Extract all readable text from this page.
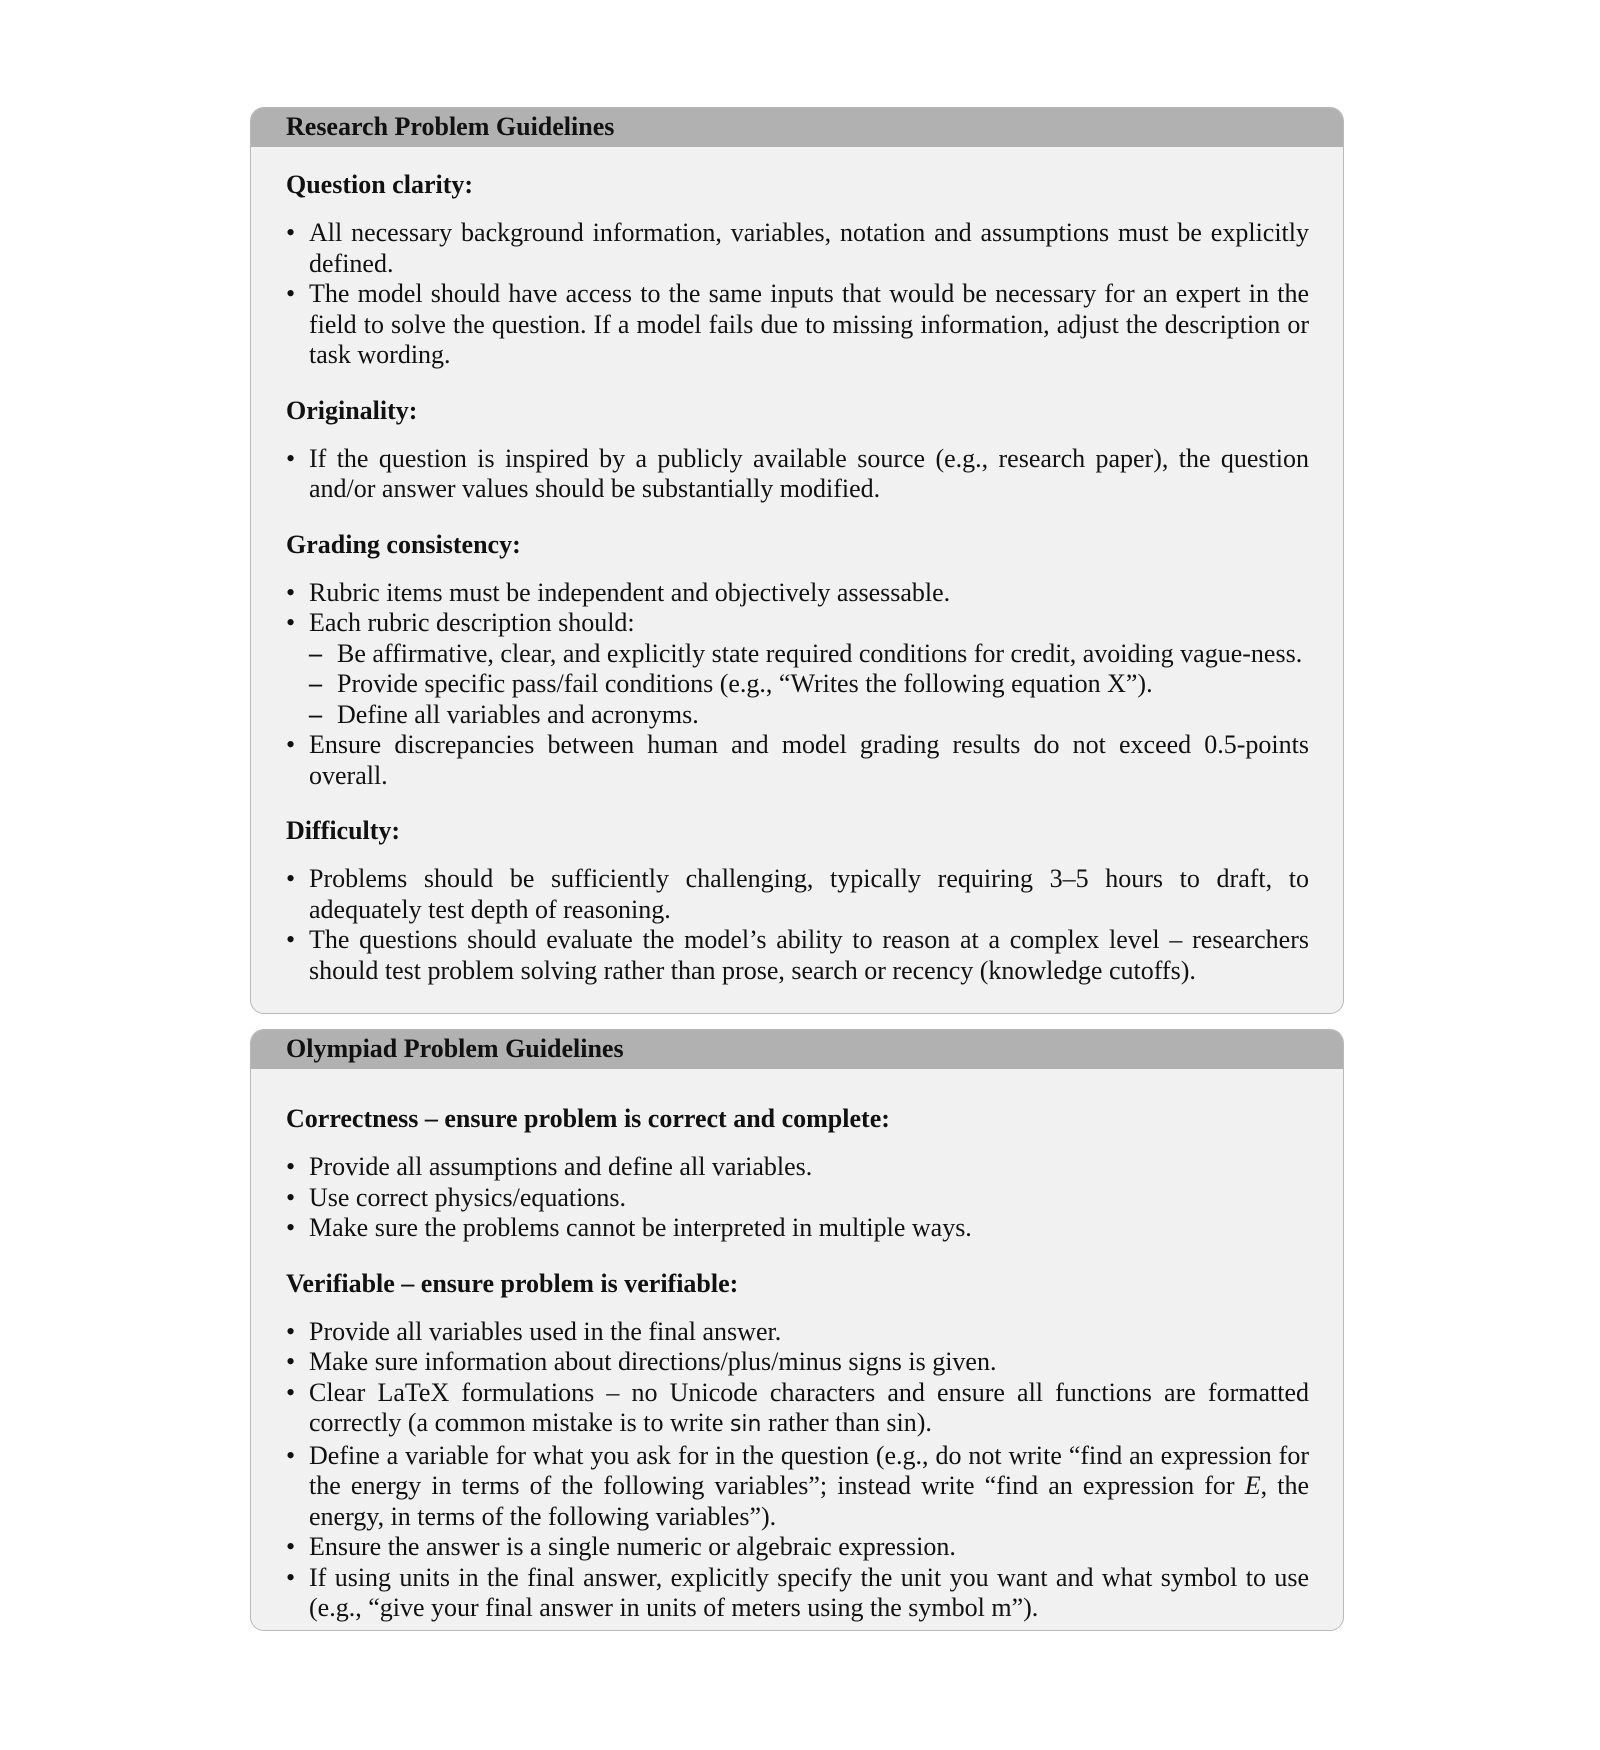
Research Problem Guidelines
Question clarity:
• All necessary background information, variables, notation and assumptions must be explicitly defined.
• The model should have access to the same inputs that would be necessary for an expert in the field to solve the question. If a model fails due to missing information, adjust the description or task wording.
Originality:
• If the question is inspired by a publicly available source (e.g., research paper), the question and/or answer values should be substantially modified.
Grading consistency:
• Rubric items must be independent and objectively assessable.
• Each rubric description should:
– Be affirmative, clear, and explicitly state required conditions for credit, avoiding vague-ness.
– Provide specific pass/fail conditions (e.g., “Writes the following equation X”).
– Define all variables and acronyms.
• Ensure discrepancies between human and model grading results do not exceed 0.5-points overall.
Difficulty:
• Problems should be sufficiently challenging, typically requiring 3–5 hours to draft, to adequately test depth of reasoning.
• The questions should evaluate the model’s ability to reason at a complex level – researchers should test problem solving rather than prose, search or recency (knowledge cutoffs).
Olympiad Problem Guidelines
Correctness – ensure problem is correct and complete:
• Provide all assumptions and define all variables.
• Use correct physics/equations.
• Make sure the problems cannot be interpreted in multiple ways.
Verifiable – ensure problem is verifiable:
• Provide all variables used in the final answer.
• Make sure information about directions/plus/minus signs is given.
• Clear LaTeX formulations – no Unicode characters and ensure all functions are formatted correctly (a common mistake is to write sin rather than sin).
• Define a variable for what you ask for in the question (e.g., do not write “find an expression for the energy in terms of the following variables”; instead write “find an expression for E, the energy, in terms of the following variables”).
• Ensure the answer is a single numeric or algebraic expression.
• If using units in the final answer, explicitly specify the unit you want and what symbol to use (e.g., “give your final answer in units of meters using the symbol m”).
